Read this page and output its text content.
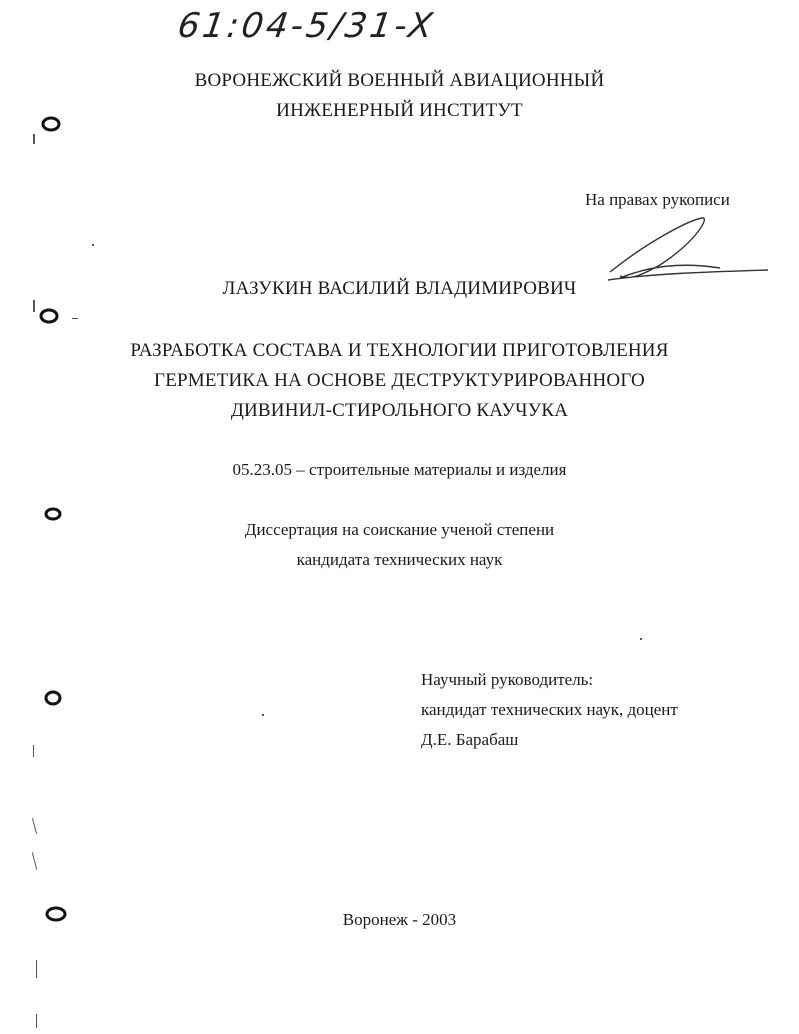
61:04-5/31-X
ВОРОНЕЖСКИЙ ВОЕННЫЙ АВИАЦИОННЫЙ
ИНЖЕНЕРНЫЙ ИНСТИТУТ
На правах рукописи
ЛАЗУКИН ВАСИЛИЙ ВЛАДИМИРОВИЧ
РАЗРАБОТКА СОСТАВА И ТЕХНОЛОГИИ ПРИГОТОВЛЕНИЯ
ГЕРМЕТИКА НА ОСНОВЕ ДЕСТРУКТУРИРОВАННОГО
ДИВИНИЛ-СТИРОЛЬНОГО КАУЧУКА
05.23.05 – строительные материалы и изделия
Диссертация на соискание ученой степени
кандидата технических наук
Научный руководитель:
кандидат технических наук, доцент
Д.Е. Барабаш
Воронеж - 2003
